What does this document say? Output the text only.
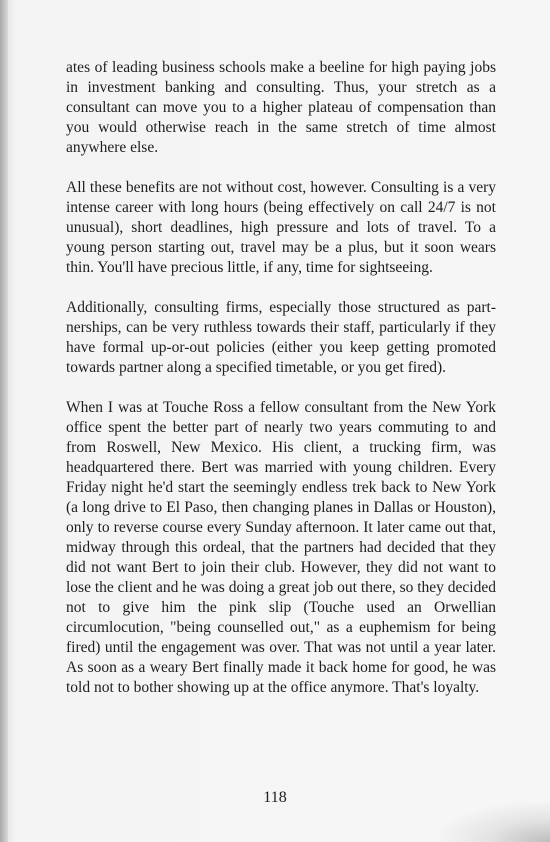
ates of leading business schools make a beeline for high paying jobs in investment banking and consulting. Thus, your stretch as a consultant can move you to a higher plateau of compensation than you would otherwise reach in the same stretch of time almost anywhere else.

All these benefits are not without cost, however. Consulting is a very intense career with long hours (being effectively on call 24/7 is not unusual), short deadlines, high pressure and lots of travel. To a young person starting out, travel may be a plus, but it soon wears thin. You'll have precious little, if any, time for sightseeing.

Additionally, consulting firms, especially those structured as partnerships, can be very ruthless towards their staff, particularly if they have formal up-or-out policies (either you keep getting promoted towards partner along a specified timetable, or you get fired).

When I was at Touche Ross a fellow consultant from the New York office spent the better part of nearly two years commuting to and from Roswell, New Mexico. His client, a trucking firm, was headquartered there. Bert was married with young children. Every Friday night he'd start the seemingly endless trek back to New York (a long drive to El Paso, then changing planes in Dallas or Houston), only to reverse course every Sunday afternoon. It later came out that, midway through this ordeal, that the partners had decided that they did not want Bert to join their club. However, they did not want to lose the client and he was doing a great job out there, so they decided not to give him the pink slip (Touche used an Orwellian circumlocution, "being counselled out," as a euphemism for being fired) until the engagement was over. That was not until a year later. As soon as a weary Bert finally made it back home for good, he was told not to bother showing up at the office anymore. That's loyalty.

118
